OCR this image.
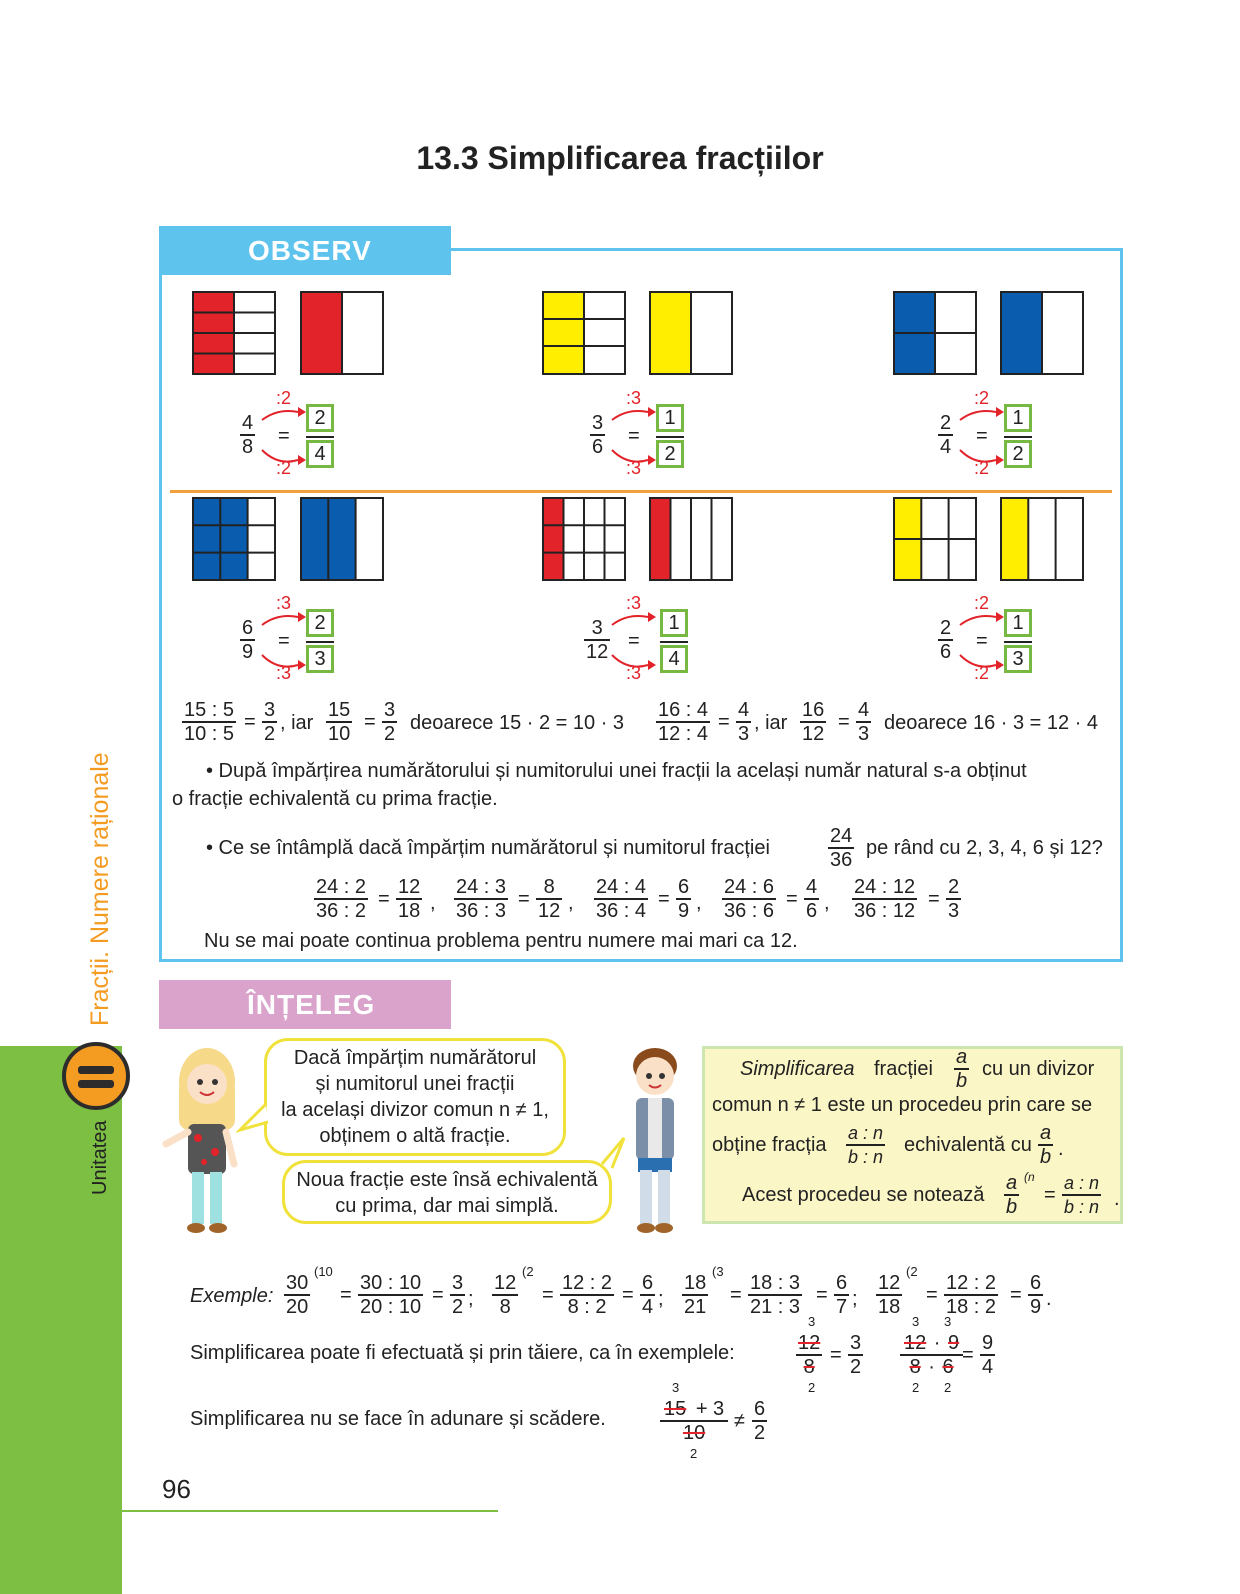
13.3 Simplificarea fracțiilor
OBSERV
4
8
:2
:2
=
2
4
3
6
:3
:3
=
1
2
2
4
:2
:2
=
1
2
6
9
:3
:3
=
2
3
3
12
:3
:3
=
1
4
2
6
:2
:2
=
1
3
15 : 5
10 : 5
=
3
2 , iar
15
10
=
3
2 deoarece 15 · 2 = 10 · 3
16 : 4
12 : 4
=
4
3 , iar
16
12
=
4
3 deoarece 16 · 3 = 12 · 4
• După împărțirea numărătorului și numitorului unei fracții la același număr natural s-a obținut
o fracție echivalentă cu prima fracție.
• Ce se întâmplă dacă împărțim numărătorul și numitorul fracției
24
36
pe rând cu 2, 3, 4, 6 și 12?
24 : 2
36 : 2
=
12
18 ,
24 : 3
36 : 3
=
8
12 ,
24 : 4
36 : 4
=
6
9 ,
24 : 6
36 : 6
=
4
6 ,
24 : 12
36 : 12
=
2
3
Nu se mai poate continua problema pentru numere mai mari ca 12.
ÎNȚELEG
Dacă împărțim numărătorul
și numitorul unei fracții
la același divizor comun n ≠ 1,
obținem o altă fracție.
Noua fracție este însă echivalentă
cu prima, dar mai simplă.
Simplificarea fracției
a
b
cu un divizor
comun n ≠ 1 este un procedeu prin care se
obține fracția
a : n
b : n
echivalentă cu
a
b .
Acest procedeu se notează
a
b
(n
=
a : n
b : n .
Exemple:
30
20
(10
=
30 : 10
20 : 10
=
3
2 ;
12
8
(2
=
12 : 2
8 : 2
=
6
4 ;
18
21
(3
=
18 : 3
21 : 3
=
6
7 ;
12
18
(2
=
12 : 2
18 : 2
=
6
9 .
Simplificarea poate fi efectuată și prin tăiere, ca în exemplele:
3
12
8
2
=
3
2
3 3
12 · 9
8 · 6
2 2
=
9
4
Simplificarea nu se face în adunare și scădere.
3
15 + 3
10
2
≠
6
2
Fracții. Numere raționale
Unitatea
96
